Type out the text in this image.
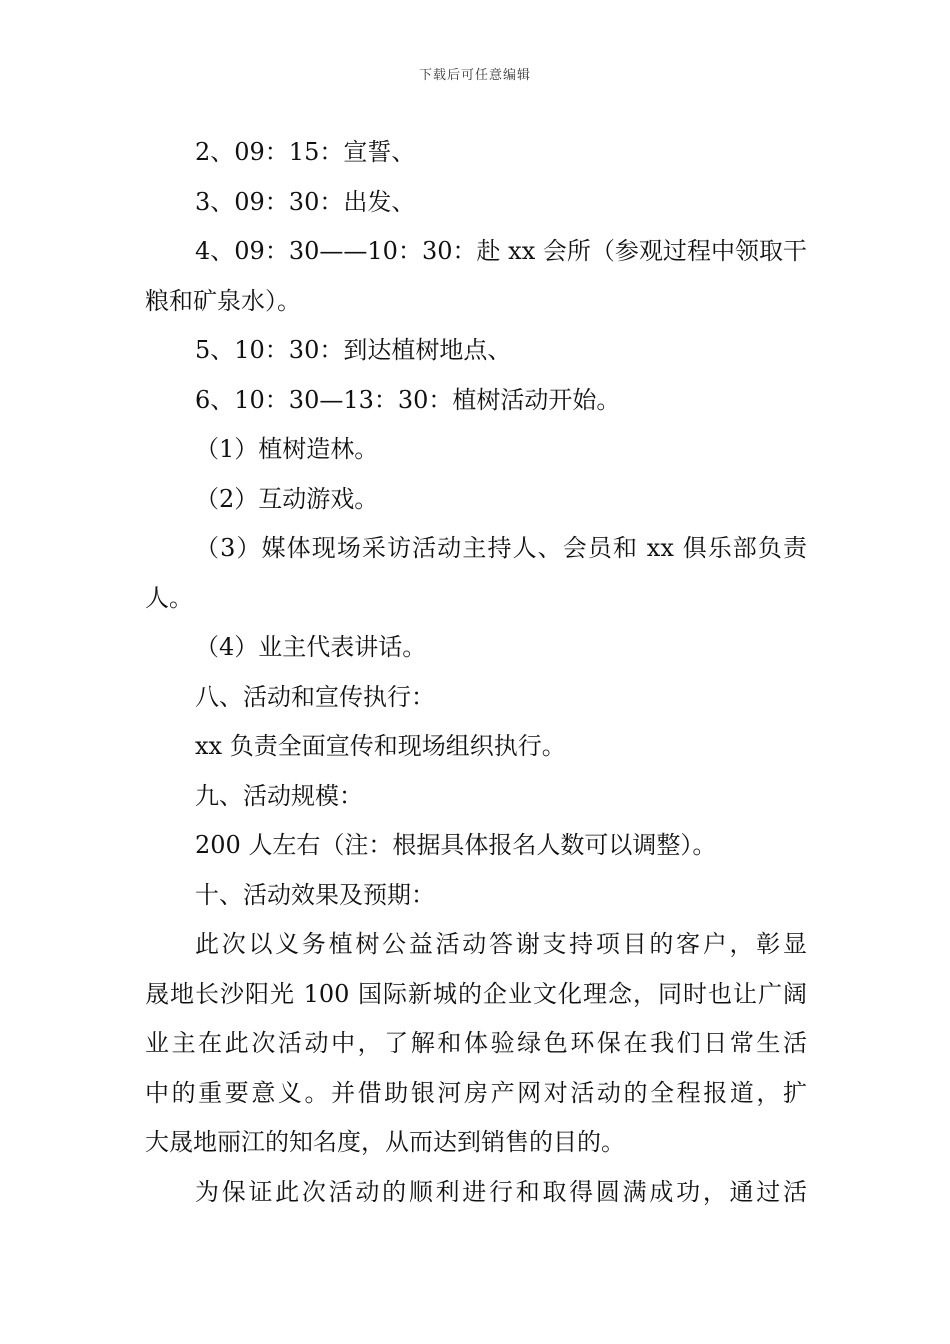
下载后可任意编辑
2、09：15：宣誓、
3、09：30：出发、
4、09：30——10：30：赴 xx 会所（参观过程中领取干
粮和矿泉水）。
5、10：30：到达植树地点、
6、10：30—13：30：植树活动开始。
（1）植树造林。
（2）互动游戏。
（3）媒体现场采访活动主持人、会员和 xx 俱乐部负责
人。
（4）业主代表讲话。
八、活动和宣传执行：
xx 负责全面宣传和现场组织执行。
九、活动规模：
200 人左右（注：根据具体报名人数可以调整）。
十、活动效果及预期：
此次以义务植树公益活动答谢支持项目的客户，彰显
晟地长沙阳光 100 国际新城的企业文化理念，同时也让广阔
业主在此次活动中，了解和体验绿色环保在我们日常生活
中的重要意义。并借助银河房产网对活动的全程报道，扩
大晟地丽江的知名度，从而达到销售的目的。
为保证此次活动的顺利进行和取得圆满成功，通过活
